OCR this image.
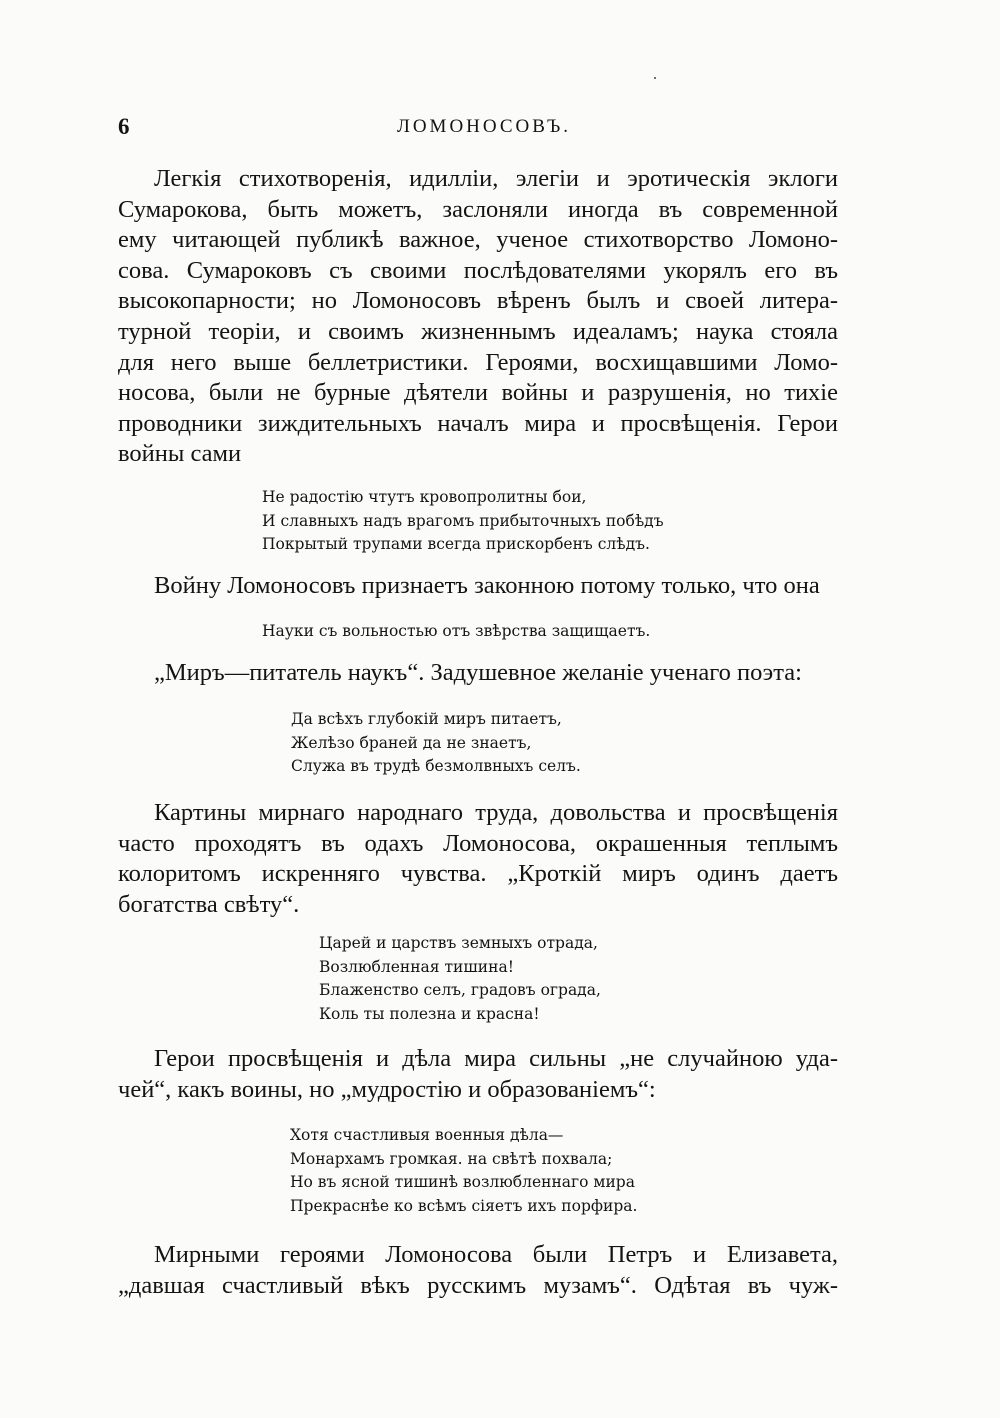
6	ЛОМОНОСОВЪ.
Легкія стихотворенія, идилліи, элегіи и эротическія эклоги
Сумарокова, быть можетъ, заслоняли иногда въ современной
ему читающей публикѣ важное, ученое стихотворство Ломоно-
сова. Сумароковъ съ своими послѣдователями укорялъ его въ
высокопарности; но Ломоносовъ вѣренъ былъ и своей литера-
турной теоріи, и своимъ жизненнымъ идеаламъ; наука стояла
для него выше беллетристики. Героями, восхищавшими Ломо-
носова, были не бурные дѣятели войны и разрушенія, но тихіе
проводники зиждительныхъ началъ мира и просвѣщенія. Герои
войны сами
Не радостію чтутъ кровопролитны бои,
И славныхъ надъ врагомъ прибыточныхъ побѣдъ
Покрытый трупами всегда прискорбенъ слѣдъ.
Войну Ломоносовъ признаетъ законною потому только, что она
Науки съ вольностью отъ звѣрства защищаетъ.
„Миръ—питатель наукъ“. Задушевное желаніе ученаго поэта:
Да всѣхъ глубокій миръ питаетъ,
Желѣзо браней да не знаетъ,
Служа въ трудѣ безмолвныхъ селъ.
Картины мирнаго народнаго труда, довольства и просвѣщенія
часто проходятъ въ одахъ Ломоносова, окрашенныя теплымъ
колоритомъ искренняго чувства. „Кроткій миръ одинъ даетъ
богатства свѣту“.
Царей и царствъ земныхъ отрада,
Возлюбленная тишина!
Блаженство селъ, градовъ ограда,
Коль ты полезна и красна!
Герои просвѣщенія и дѣла мира сильны „не случайною уда-
чей“, какъ воины, но „мудростію и образованіемъ“:
Хотя счастливыя военныя дѣла—
Монархамъ громкая. на свѣтѣ похвала;
Но въ ясной тишинѣ возлюбленнаго мира
Прекраснѣе ко всѣмъ сіяетъ ихъ порфира.
Мирными героями Ломоносова были Петръ и Елизавета,
„давшая счастливый вѣкъ русскимъ музамъ“. Одѣтая въ чуж-
